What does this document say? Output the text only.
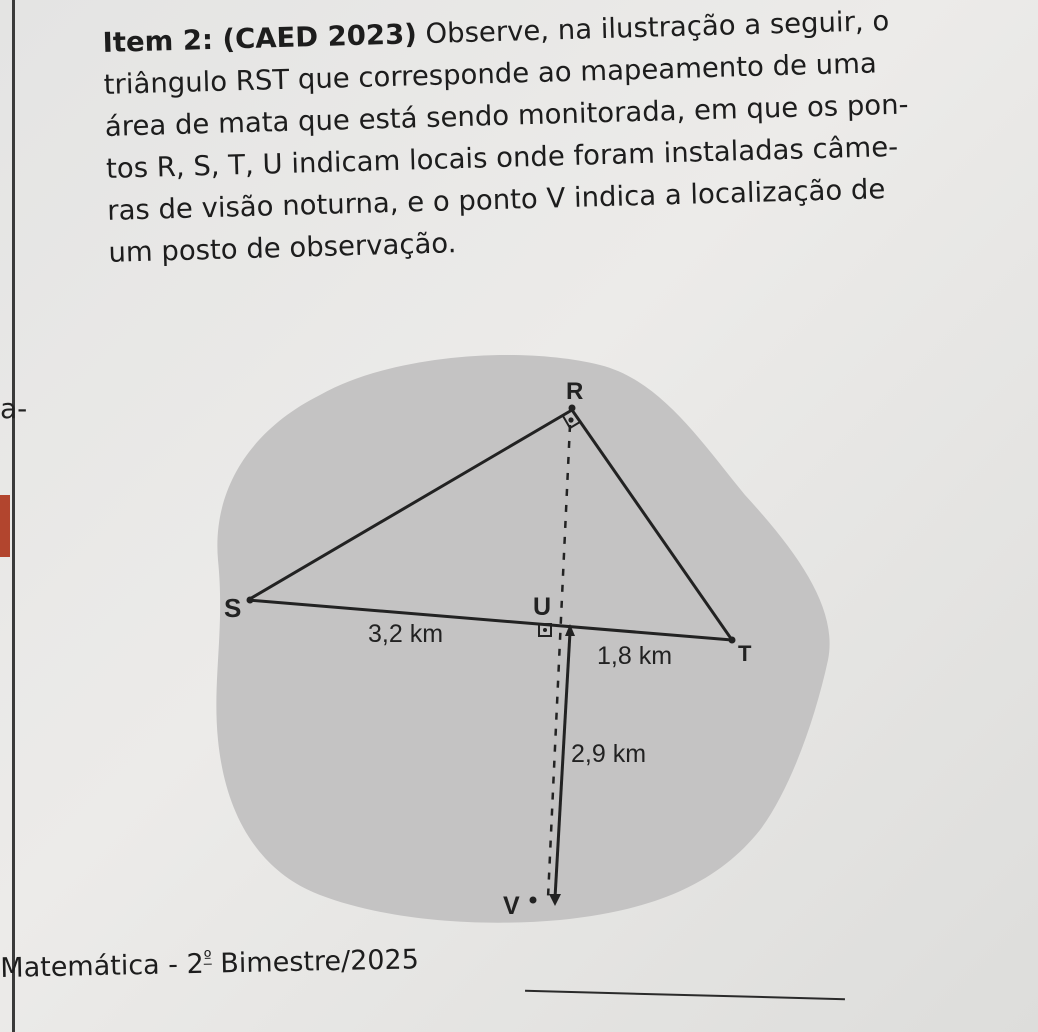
a-
Item 2: (CAED 2023) Observe, na ilustração a seguir, o
triângulo RST que corresponde ao mapeamento de uma
área de mata que está sendo monitorada, em que os pon-
tos R, S, T, U indicam locais onde foram instaladas câme-
ras de visão noturna, e o ponto V indica a localização de
um posto de observação.
R
S	U
T
V
3,2 km
1,8 km
2,9 km
Matemática - $2^º$ Bimestre/2025
